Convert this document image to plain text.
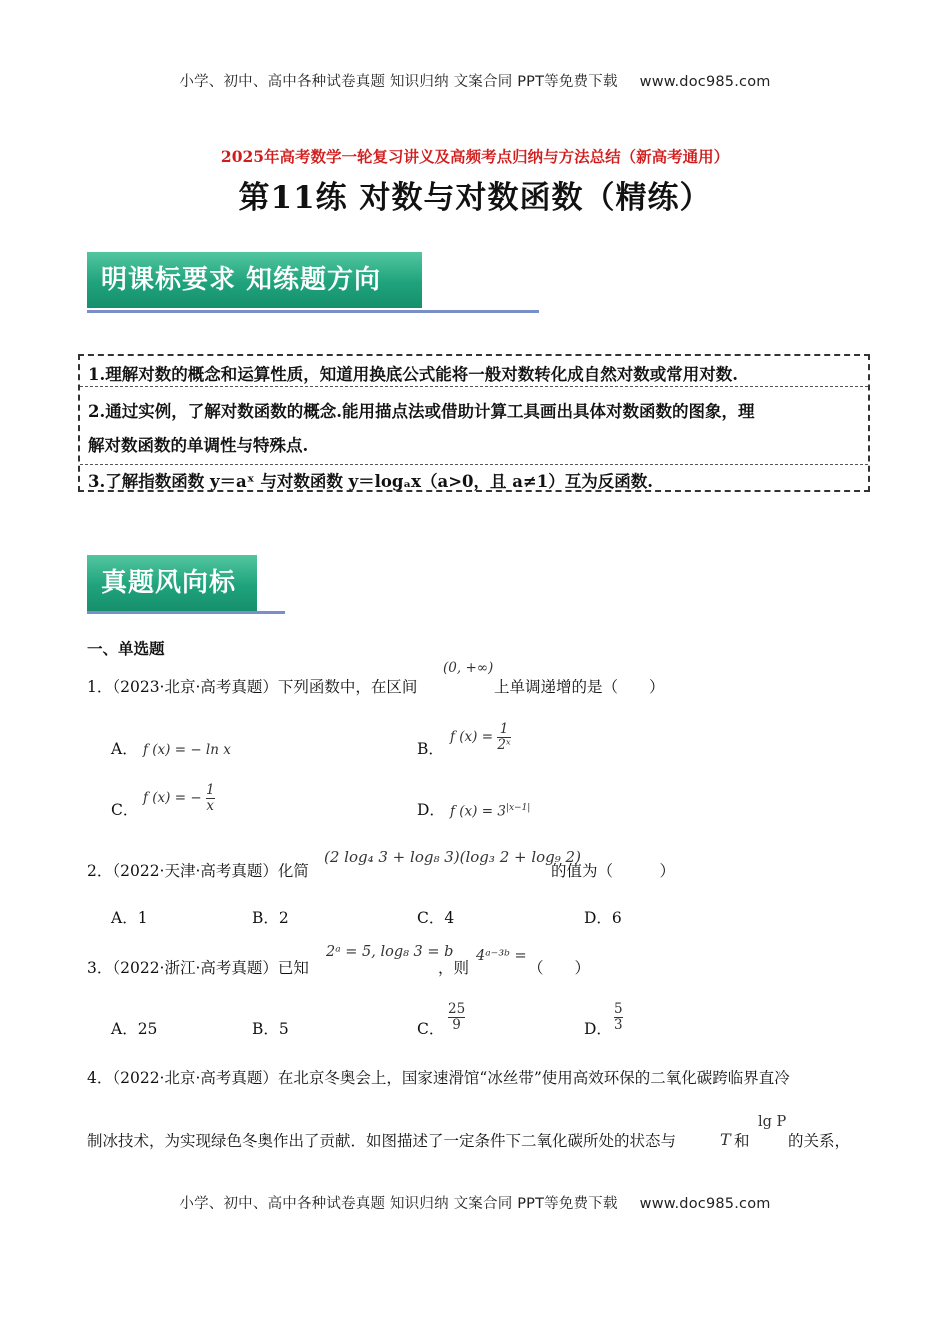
小学、初中、高中各种试卷真题 知识归纳 文案合同 PPT等免费下载 www.doc985.com
2025年高考数学一轮复习讲义及高频考点归纳与方法总结（新高考通用）
第11练 对数与对数函数（精练）
明课标要求 知练题方向
1.理解对数的概念和运算性质，知道用换底公式能将一般对数转化成自然对数或常用对数.
2.通过实例，了解对数函数的概念.能用描点法或借助计算工具画出具体对数函数的图象，理
解对数函数的单调性与特殊点.
3.了解指数函数 y＝aˣ 与对数函数 y＝logₐx（a>0，且 a≠1）互为反函数.
真题风向标
一、单选题
1．（2023·北京·高考真题）下列函数中，在区间
(0, +∞)
上单调递增的是（　　）
A． f (x) = − ln x	B．
f $(x) = \frac{1}{\text{2ˣ}}$
C．
f (x) = − $\frac{1}{x}$	D． f $(x) = 3^{|x-1|}$
2．（2022·天津·高考真题）化简
(2 log₄ 3 + log₈ 3)(log₃ 2 + log₉ 2)
的值为（　　　）
A．1	B．2	C．4	D．6
3．（2022·浙江·高考真题）已知
2ᵃ = 5, log₈ 3 = b
，则
4ᵃ⁻³ᵇ =
（　　）
A．25	B．5	C． $\frac{25}{9}$	D． $\frac{5}{3}$
4．（2022·北京·高考真题）在北京冬奥会上，国家速滑馆“冰丝带”使用高效环保的二氧化碳跨临界直冷
制冰技术，为实现绿色冬奥作出了贡献．如图描述了一定条件下二氧化碳所处的状态与	T 和
lg P
的关系，
小学、初中、高中各种试卷真题 知识归纳 文案合同 PPT等免费下载 www.doc985.com
